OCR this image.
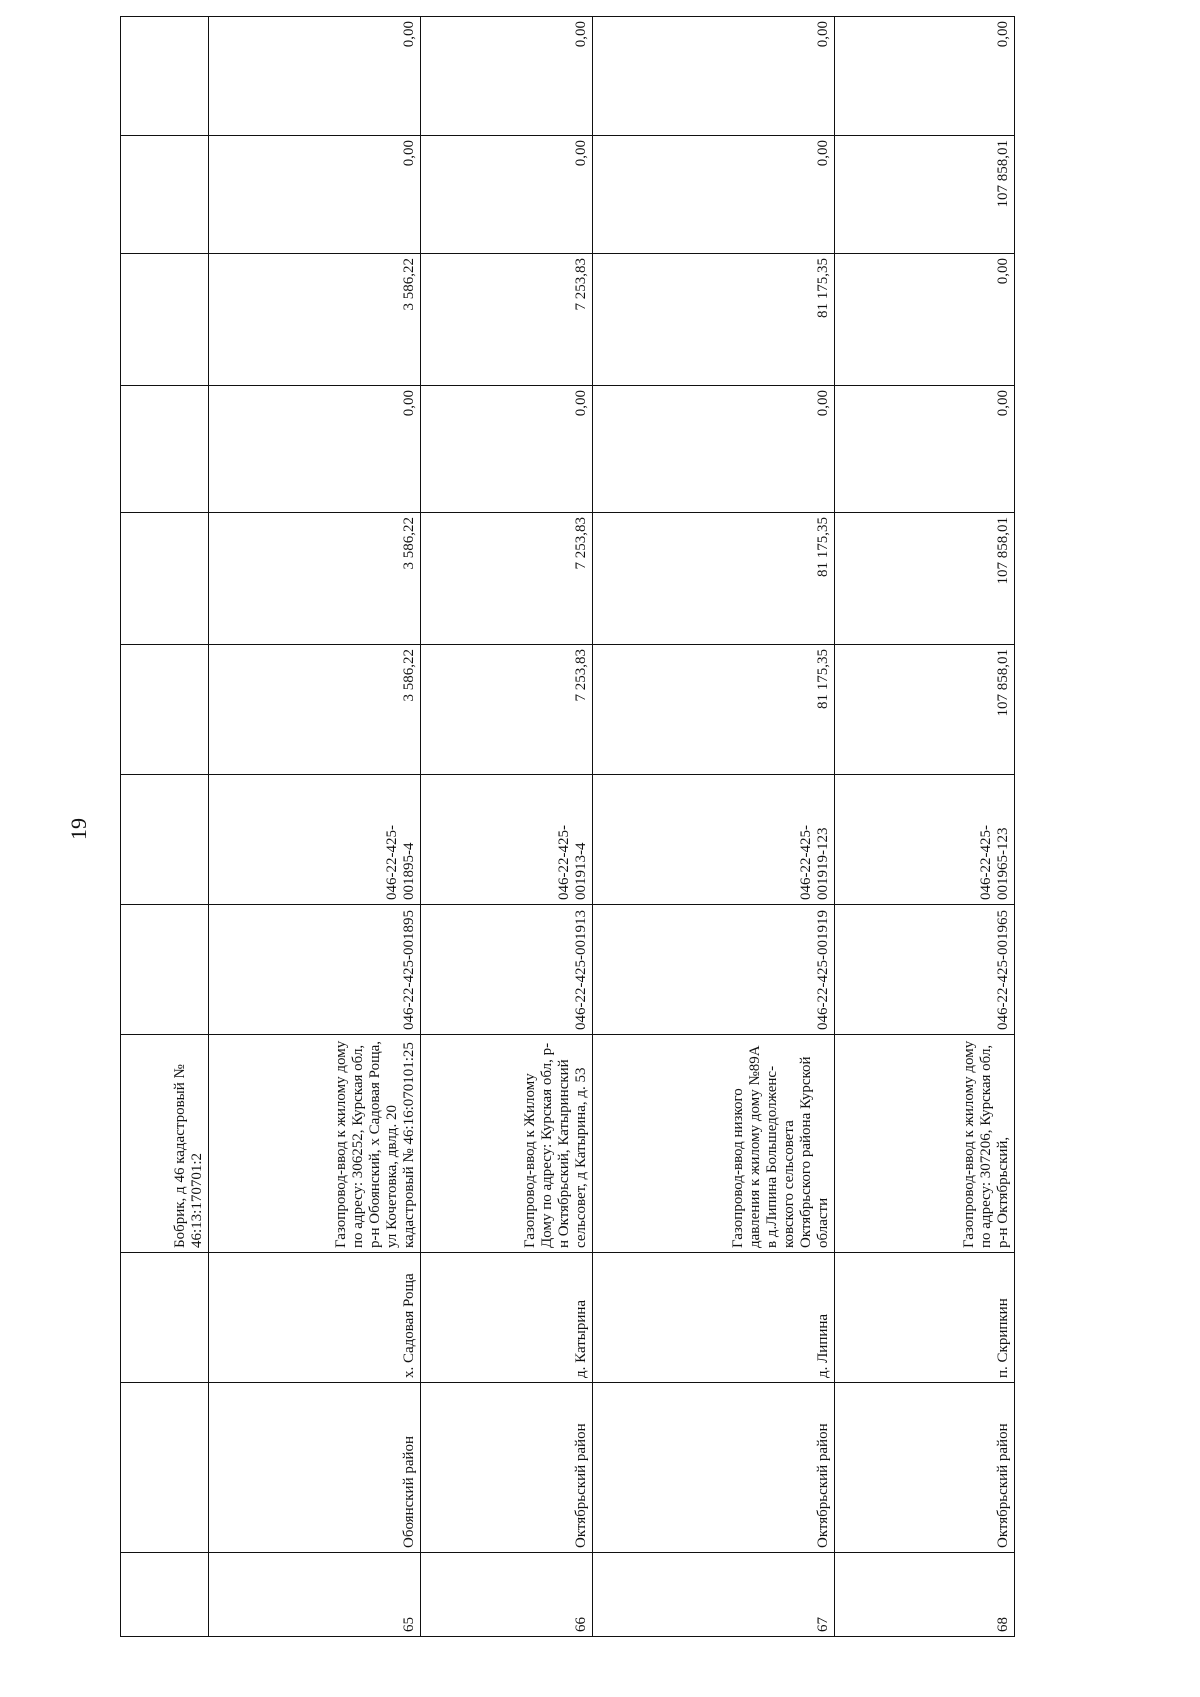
19
			Бобрик, д 46 кадастровый № 46:13:170701:2								
65	Обоянский район	х. Садовая Роща	Газопровод-ввод к жилому дому по адресу: 306252, Курская обл, р-н Обоянский, х Садовая Роща, ул Кочетовка, двлд. 20 кадастровый № 46:16:070101:25	046-22-425-001895	046-22-425-001895-4	3 586,22	3 586,22	0,00	3 586,22	0,00	0,00
66	Октябрьский район	д. Катырина	Газопровод-ввод к Жилому Дому по адресу: Курская обл, р-н Октябрьский, Катыринский сельсовет, д Катырина, д. 53	046-22-425-001913	046-22-425-001913-4	7 253,83	7 253,83	0,00	7 253,83	0,00	0,00
67	Октябрьский район	д. Липина	Газопровод-ввод низкого давления к жилому дому №89А в д.Липина Большедолженсковского сельсовета Октябрьского района Курской области	046-22-425-001919	046-22-425-001919-123	81 175,35	81 175,35	0,00	81 175,35	0,00	0,00
68	Октябрьский район	п. Скрипкин	Газопровод-ввод к жилому дому по адресу: 307206, Курская обл, р-н Октябрьский,	046-22-425-001965	046-22-425-001965-123	107 858,01	107 858,01	0,00	0,00	107 858,01	0,00
